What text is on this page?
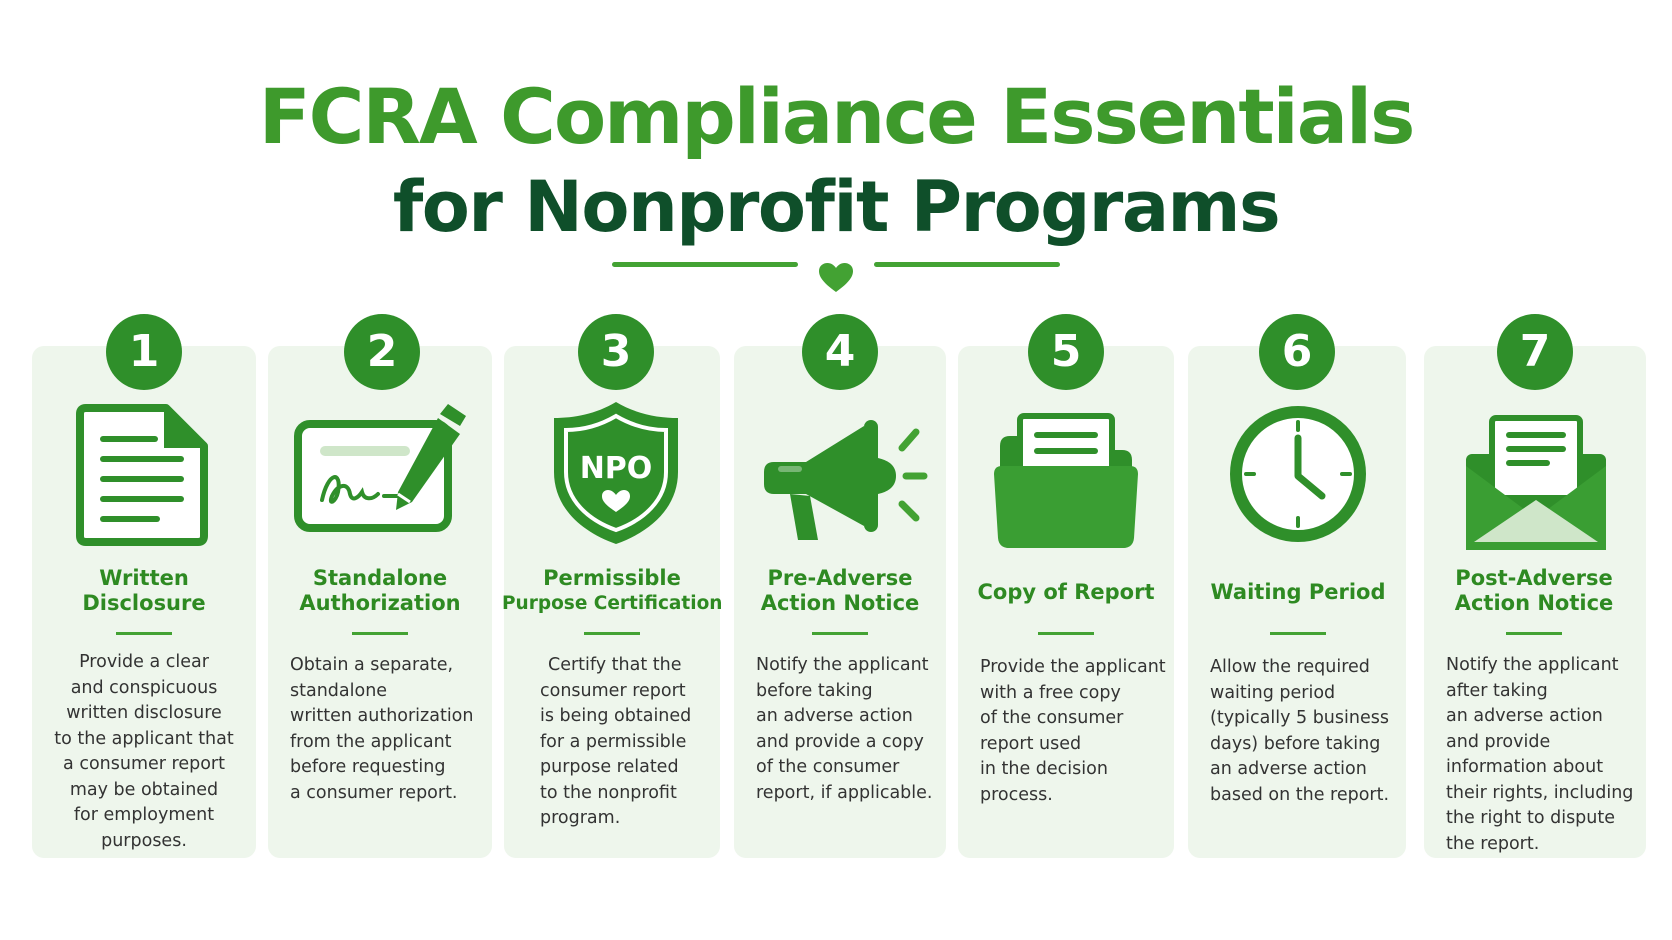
FCRA Compliance Essentials
for Nonprofit Programs
1
Written
Disclosure
Provide a clear
and conspicuous
written disclosure
to the applicant that
a consumer report
may be obtained
for employment
purposes.
2
Standalone
Authorization
Obtain a separate,
standalone
written authorization
from the applicant
before requesting
a consumer report.
3
NPO
Permissible
Purpose Certification
Certify that the
consumer report
is being obtained
for a permissible
purpose related
to the nonprofit
program.
4
Pre-Adverse
Action Notice
Notify the applicant
before taking
an adverse action
and provide a copy
of the consumer
report, if applicable.
5
Copy of Report
Provide the applicant
with a free copy
of the consumer
report used
in the decision
process.
6
Waiting Period
Allow the required
waiting period
(typically 5 business
days) before taking
an adverse action
based on the report.
7
Post-Adverse
Action Notice
Notify the applicant
after taking
an adverse action
and provide
information about
their rights, including
the right to dispute
the report.
